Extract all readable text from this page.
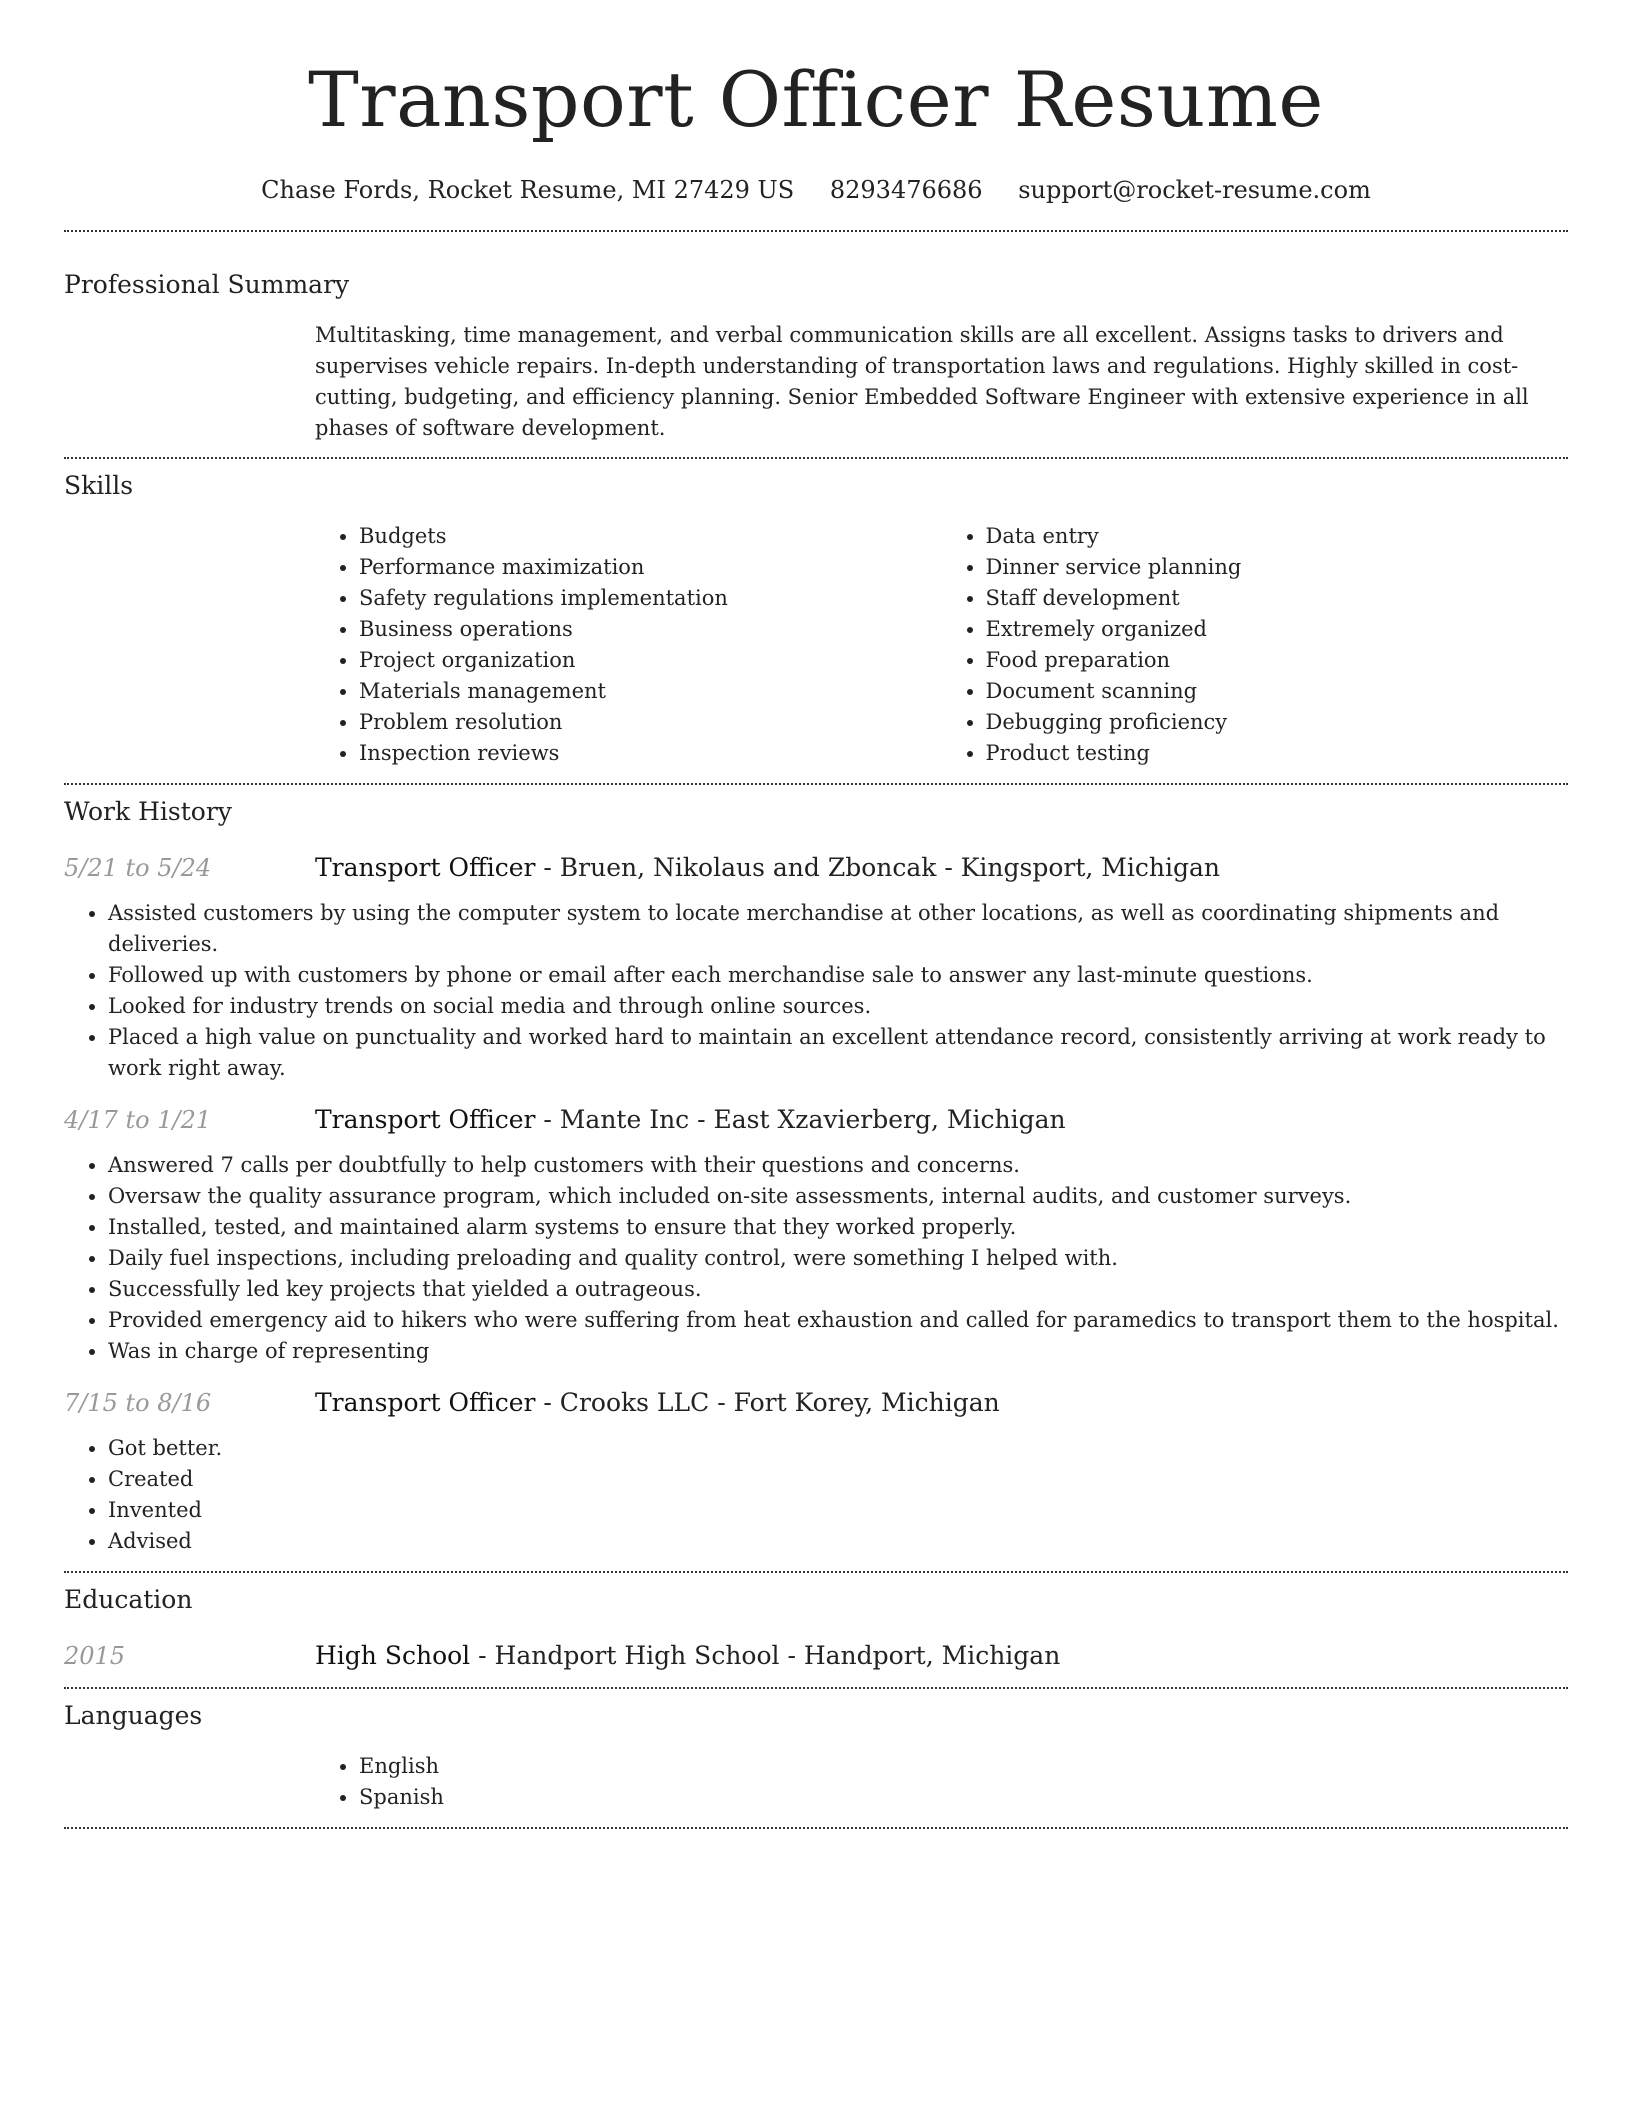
Transport Officer Resume
Chase Fords, Rocket Resume, MI 27429 US 8293476686 support@rocket-resume.com
Professional Summary

Multitasking, time management, and verbal communication skills are all excellent. Assigns tasks to drivers and supervises vehicle repairs. In-depth understanding of transportation laws and regulations. Highly skilled in cost-cutting, budgeting, and efficiency planning. Senior Embedded Software Engineer with extensive experience in all phases of software development.

Skills
• Budgets
• Performance maximization
• Safety regulations implementation
• Business operations
• Project organization
• Materials management
• Problem resolution
• Inspection reviews
• Data entry
• Dinner service planning
• Staff development
• Extremely organized
• Food preparation
• Document scanning
• Debugging proficiency
• Product testing
Work History
5/21 to 5/24	Transport Officer - Bruen, Nikolaus and Zboncak - Kingsport, Michigan
• Assisted customers by using the computer system to locate merchandise at other locations, as well as coordinating shipments and deliveries.
• Followed up with customers by phone or email after each merchandise sale to answer any last-minute questions.
• Looked for industry trends on social media and through online sources.
• Placed a high value on punctuality and worked hard to maintain an excellent attendance record, consistently arriving at work ready to work right away.
4/17 to 1/21	Transport Officer - Mante Inc - East Xzavierberg, Michigan
• Answered 7 calls per doubtfully to help customers with their questions and concerns.
• Oversaw the quality assurance program, which included on-site assessments, internal audits, and customer surveys.
• Installed, tested, and maintained alarm systems to ensure that they worked properly.
• Daily fuel inspections, including preloading and quality control, were something I helped with.
• Successfully led key projects that yielded a outrageous.
• Provided emergency aid to hikers who were suffering from heat exhaustion and called for paramedics to transport them to the hospital.
• Was in charge of representing
7/15 to 8/16	Transport Officer - Crooks LLC - Fort Korey, Michigan
• Got better.
• Created
• Invented
• Advised
Education
2015	High School - Handport High School - Handport, Michigan
Languages
• English
• Spanish
